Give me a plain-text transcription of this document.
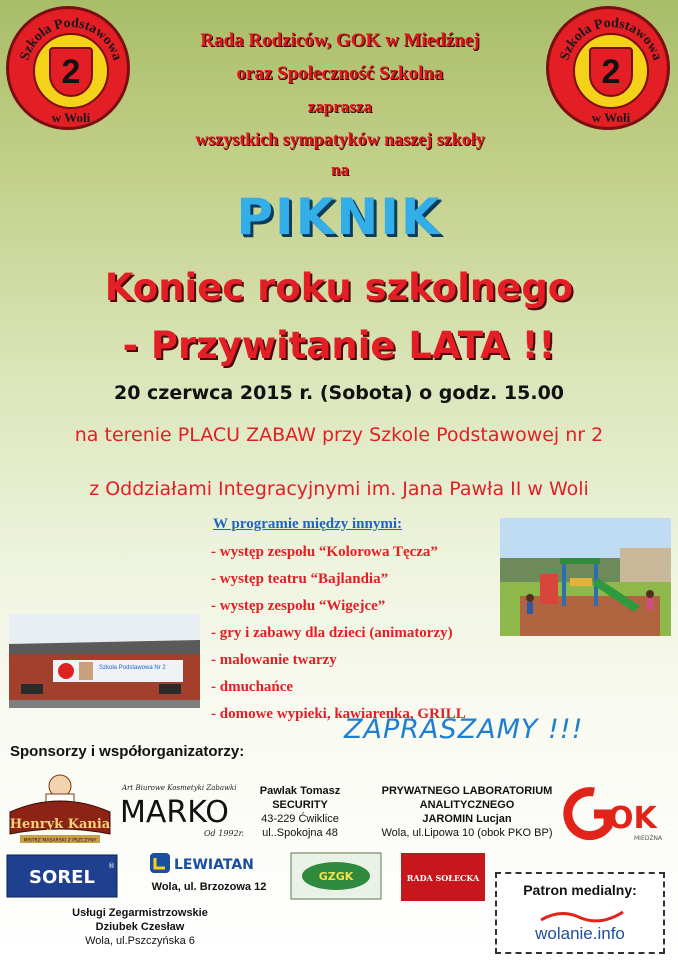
Szkoła Podstawowa
2
w Woli
Szkoła Podstawowa
2
w Woli
Rada Rodziców, GOK w Miedźnej
oraz Społeczność Szkolna
zaprasza
wszystkich sympatyków naszej szkoły
na
PIKNIK
Koniec roku szkolnego
- Przywitanie LATA !!
20 czerwca 2015 r. (Sobota) o godz. 15.00
na terenie PLACU ZABAW przy Szkole Podstawowej nr 2
z Oddziałami Integracyjnymi im. Jana Pawła II w Woli
W programie między innymi:
- występ zespołu “Kolorowa Tęcza”
- występ teatru “Bajlandia”
- występ zespołu “Wigejce”
- gry i zabawy dla dzieci (animatorzy)
- malowanie twarzy
- dmuchańce
- domowe wypieki, kawiarenka, GRILL
Szkoła Podstawowa Nr 2
ZAPRASZAMY !!!
Sponsorzy i współorganizatorzy:
Henryk Kania
MISTRZ MASARSKI Z PSZCZYNY
Art Biurowe Kosmetyki Zabawki
MARKO
Od 1992r.
Pawlak Tomasz
SECURITY
43-229 Ćwiklice
ul..Spokojna 48
PRYWATNEGO LABORATORIUM
ANALITYCZNEGO
JAROMIN Lucjan
Wola, ul.Lipowa 10 (obok PKO BP)	OK
MIEDŹNA
SOREL
®	LEWIATAN
Wola, ul. Brzozowa 12
GZGK	RADA SOŁECKA
Usługi Zegarmistrzowskie
Dziubek Czesław
Wola, ul.Pszczyńska 6
Patron medialny:
wolanie.info
